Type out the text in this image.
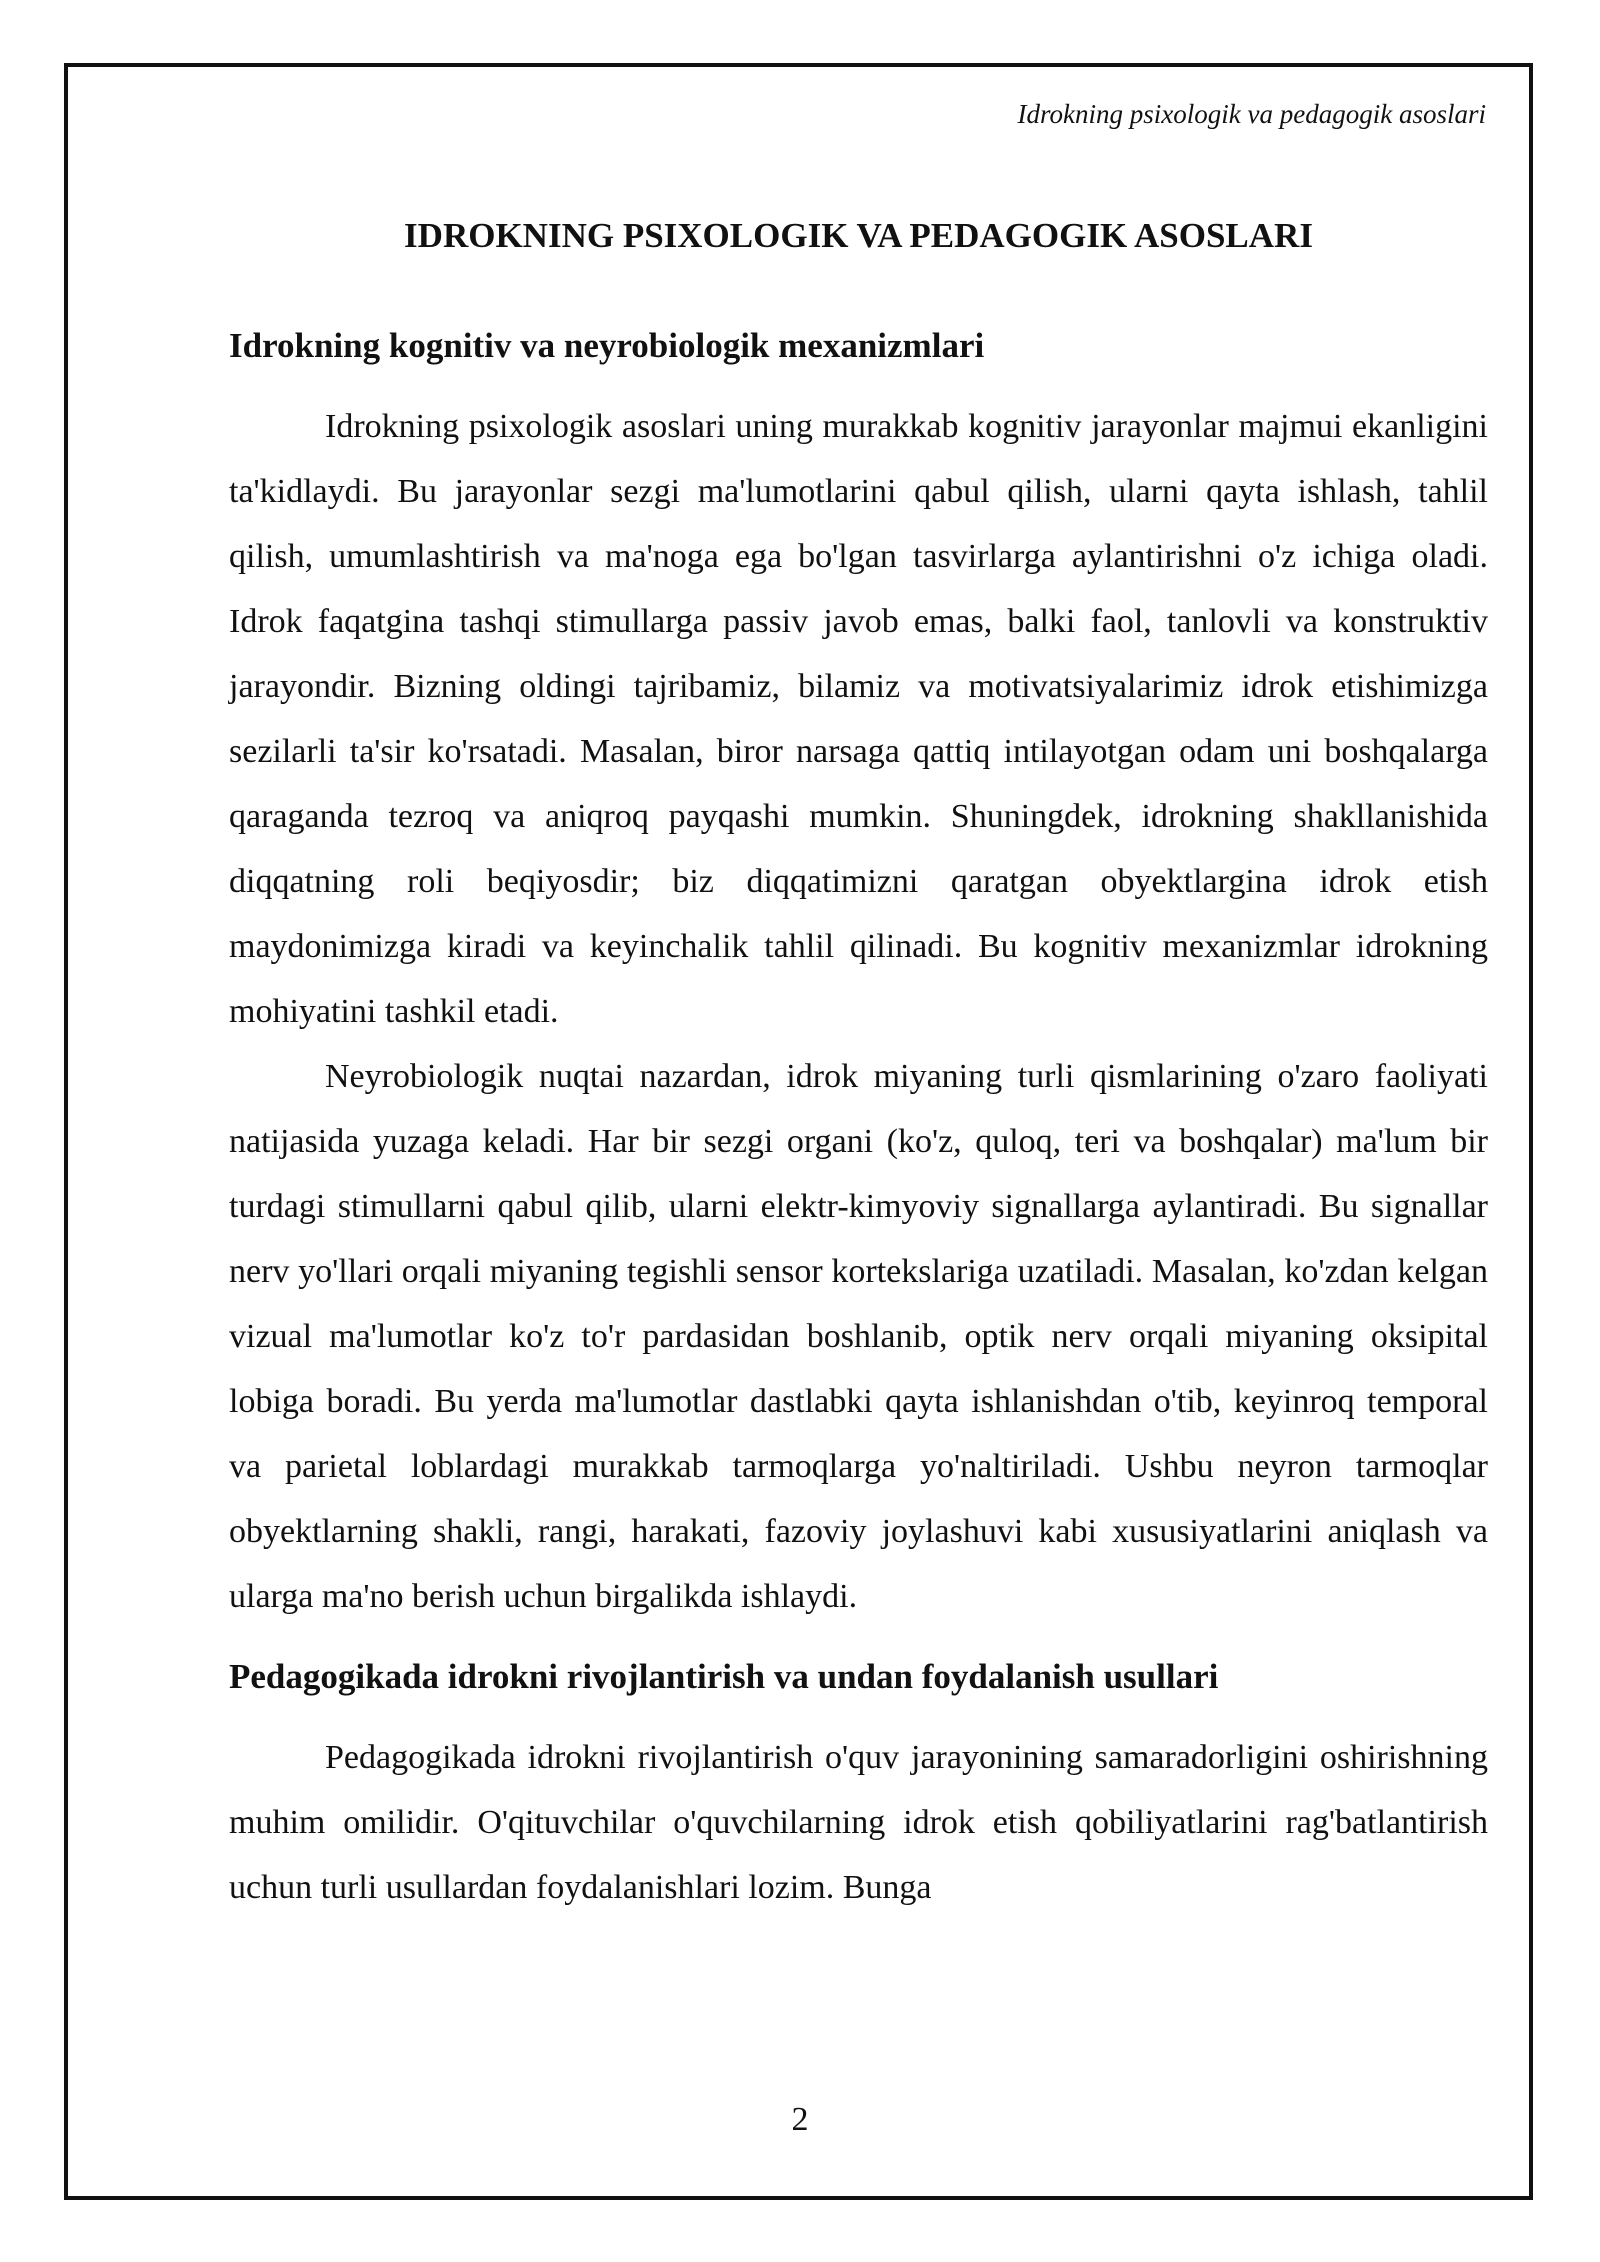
Idrokning psixologik va pedagogik asoslari
IDROKNING PSIXOLOGIK VA PEDAGOGIK ASOSLARI
Idrokning kognitiv va neyrobiologik mexanizmlari

Idrokning psixologik asoslari uning murakkab kognitiv jarayonlar majmui ekanligini ta'kidlaydi. Bu jarayonlar sezgi ma'lumotlarini qabul qilish, ularni qayta ishlash, tahlil qilish, umumlashtirish va ma'noga ega bo'lgan tasvirlarga aylantirishni o'z ichiga oladi. Idrok faqatgina tashqi stimullarga passiv javob emas, balki faol, tanlovli va konstruktiv jarayondir. Bizning oldingi tajribamiz, bilamiz va motivatsiyalarimiz idrok etishimizga sezilarli ta'sir ko'rsatadi. Masalan, biror narsaga qattiq intilayotgan odam uni boshqalarga qaraganda tezroq va aniqroq payqashi mumkin. Shuningdek, idrokning shakllanishida diqqatning roli beqiyosdir; biz diqqatimizni qaratgan obyektlargina idrok etish maydonimizga kiradi va keyinchalik tahlil qilinadi. Bu kognitiv mexanizmlar idrokning mohiyatini tashkil etadi.

Neyrobiologik nuqtai nazardan, idrok miyaning turli qismlarining o'zaro faoliyati natijasida yuzaga keladi. Har bir sezgi organi (ko'z, quloq, teri va boshqalar) ma'lum bir turdagi stimullarni qabul qilib, ularni elektr-kimyoviy signallarga aylantiradi. Bu signallar nerv yo'llari orqali miyaning tegishli sensor kortekslariga uzatiladi. Masalan, ko'zdan kelgan vizual ma'lumotlar ko'z to'r pardasidan boshlanib, optik nerv orqali miyaning oksipital lobiga boradi. Bu yerda ma'lumotlar dastlabki qayta ishlanishdan o'tib, keyinroq temporal va parietal loblardagi murakkab tarmoqlarga yo'naltiriladi. Ushbu neyron tarmoqlar obyektlarning shakli, rangi, harakati, fazoviy joylashuvi kabi xususiyatlarini aniqlash va ularga ma'no berish uchun birgalikda ishlaydi.

Pedagogikada idrokni rivojlantirish va undan foydalanish usullari

Pedagogikada idrokni rivojlantirish o'quv jarayonining samaradorligini oshirishning muhim omilidir. O'qituvchilar o'quvchilarning idrok etish qobiliyatlarini rag'batlantirish uchun turli usullardan foydalanishlari lozim. Bunga

2
